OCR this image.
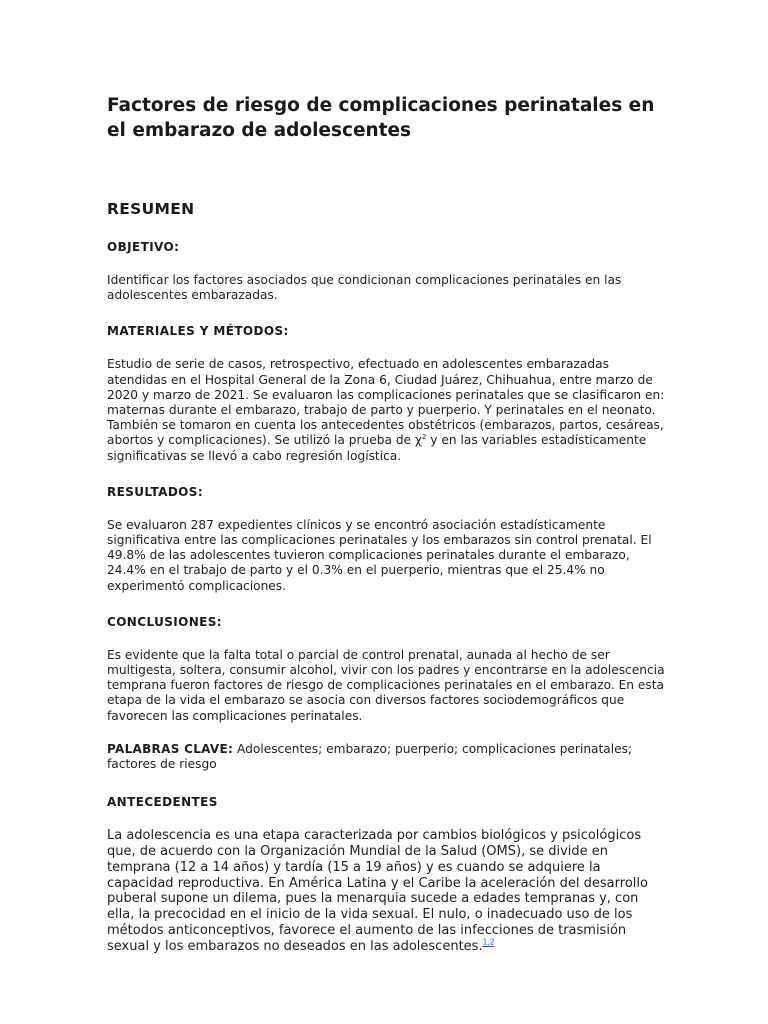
Factores de riesgo de complicaciones perinatales en el embarazo de adolescentes
RESUMEN
OBJETIVO:

Identificar los factores asociados que condicionan complicaciones perinatales en las adolescentes embarazadas.

MATERIALES Y MÉTODOS:

Estudio de serie de casos, retrospectivo, efectuado en adolescentes embarazadas atendidas en el Hospital General de la Zona 6, Ciudad Juárez, Chihuahua, entre marzo de 2020 y marzo de 2021. Se evaluaron las complicaciones perinatales que se clasificaron en: maternas durante el embarazo, trabajo de parto y puerperio. Y perinatales en el neonato. También se tomaron en cuenta los antecedentes obstétricos (embarazos, partos, cesáreas, abortos y complicaciones). Se utilizó la prueba de $\chi^2$ y en las variables estadísticamente significativas se llevó a cabo regresión logística.

RESULTADOS:

Se evaluaron 287 expedientes clínicos y se encontró asociación estadísticamente significativa entre las complicaciones perinatales y los embarazos sin control prenatal. El 49.8% de las adolescentes tuvieron complicaciones perinatales durante el embarazo, 24.4% en el trabajo de parto y el 0.3% en el puerperio, mientras que el 25.4% no experimentó complicaciones.

CONCLUSIONES:

Es evidente que la falta total o parcial de control prenatal, aunada al hecho de ser multigesta, soltera, consumir alcohol, vivir con los padres y encontrarse en la adolescencia temprana fueron factores de riesgo de complicaciones perinatales en el embarazo. En esta etapa de la vida el embarazo se asocia con diversos factores sociodemográficos que favorecen las complicaciones perinatales.

PALABRAS CLAVE: Adolescentes; embarazo; puerperio; complicaciones perinatales; factores de riesgo

ANTECEDENTES

La adolescencia es una etapa caracterizada por cambios biológicos y psicológicos que, de acuerdo con la Organización Mundial de la Salud (OMS), se divide en temprana (12 a 14 años) y tardía (15 a 19 años) y es cuando se adquiere la capacidad reproductiva. En América Latina y el Caribe la aceleración del desarrollo puberal supone un dilema, pues la menarquia sucede a edades tempranas y, con ella, la precocidad en el inicio de la vida sexual. El nulo, o inadecuado uso de los métodos anticonceptivos, favorece el aumento de las infecciones de trasmisión sexual y los embarazos no deseados en las adolescentes.$^{1,2}$
